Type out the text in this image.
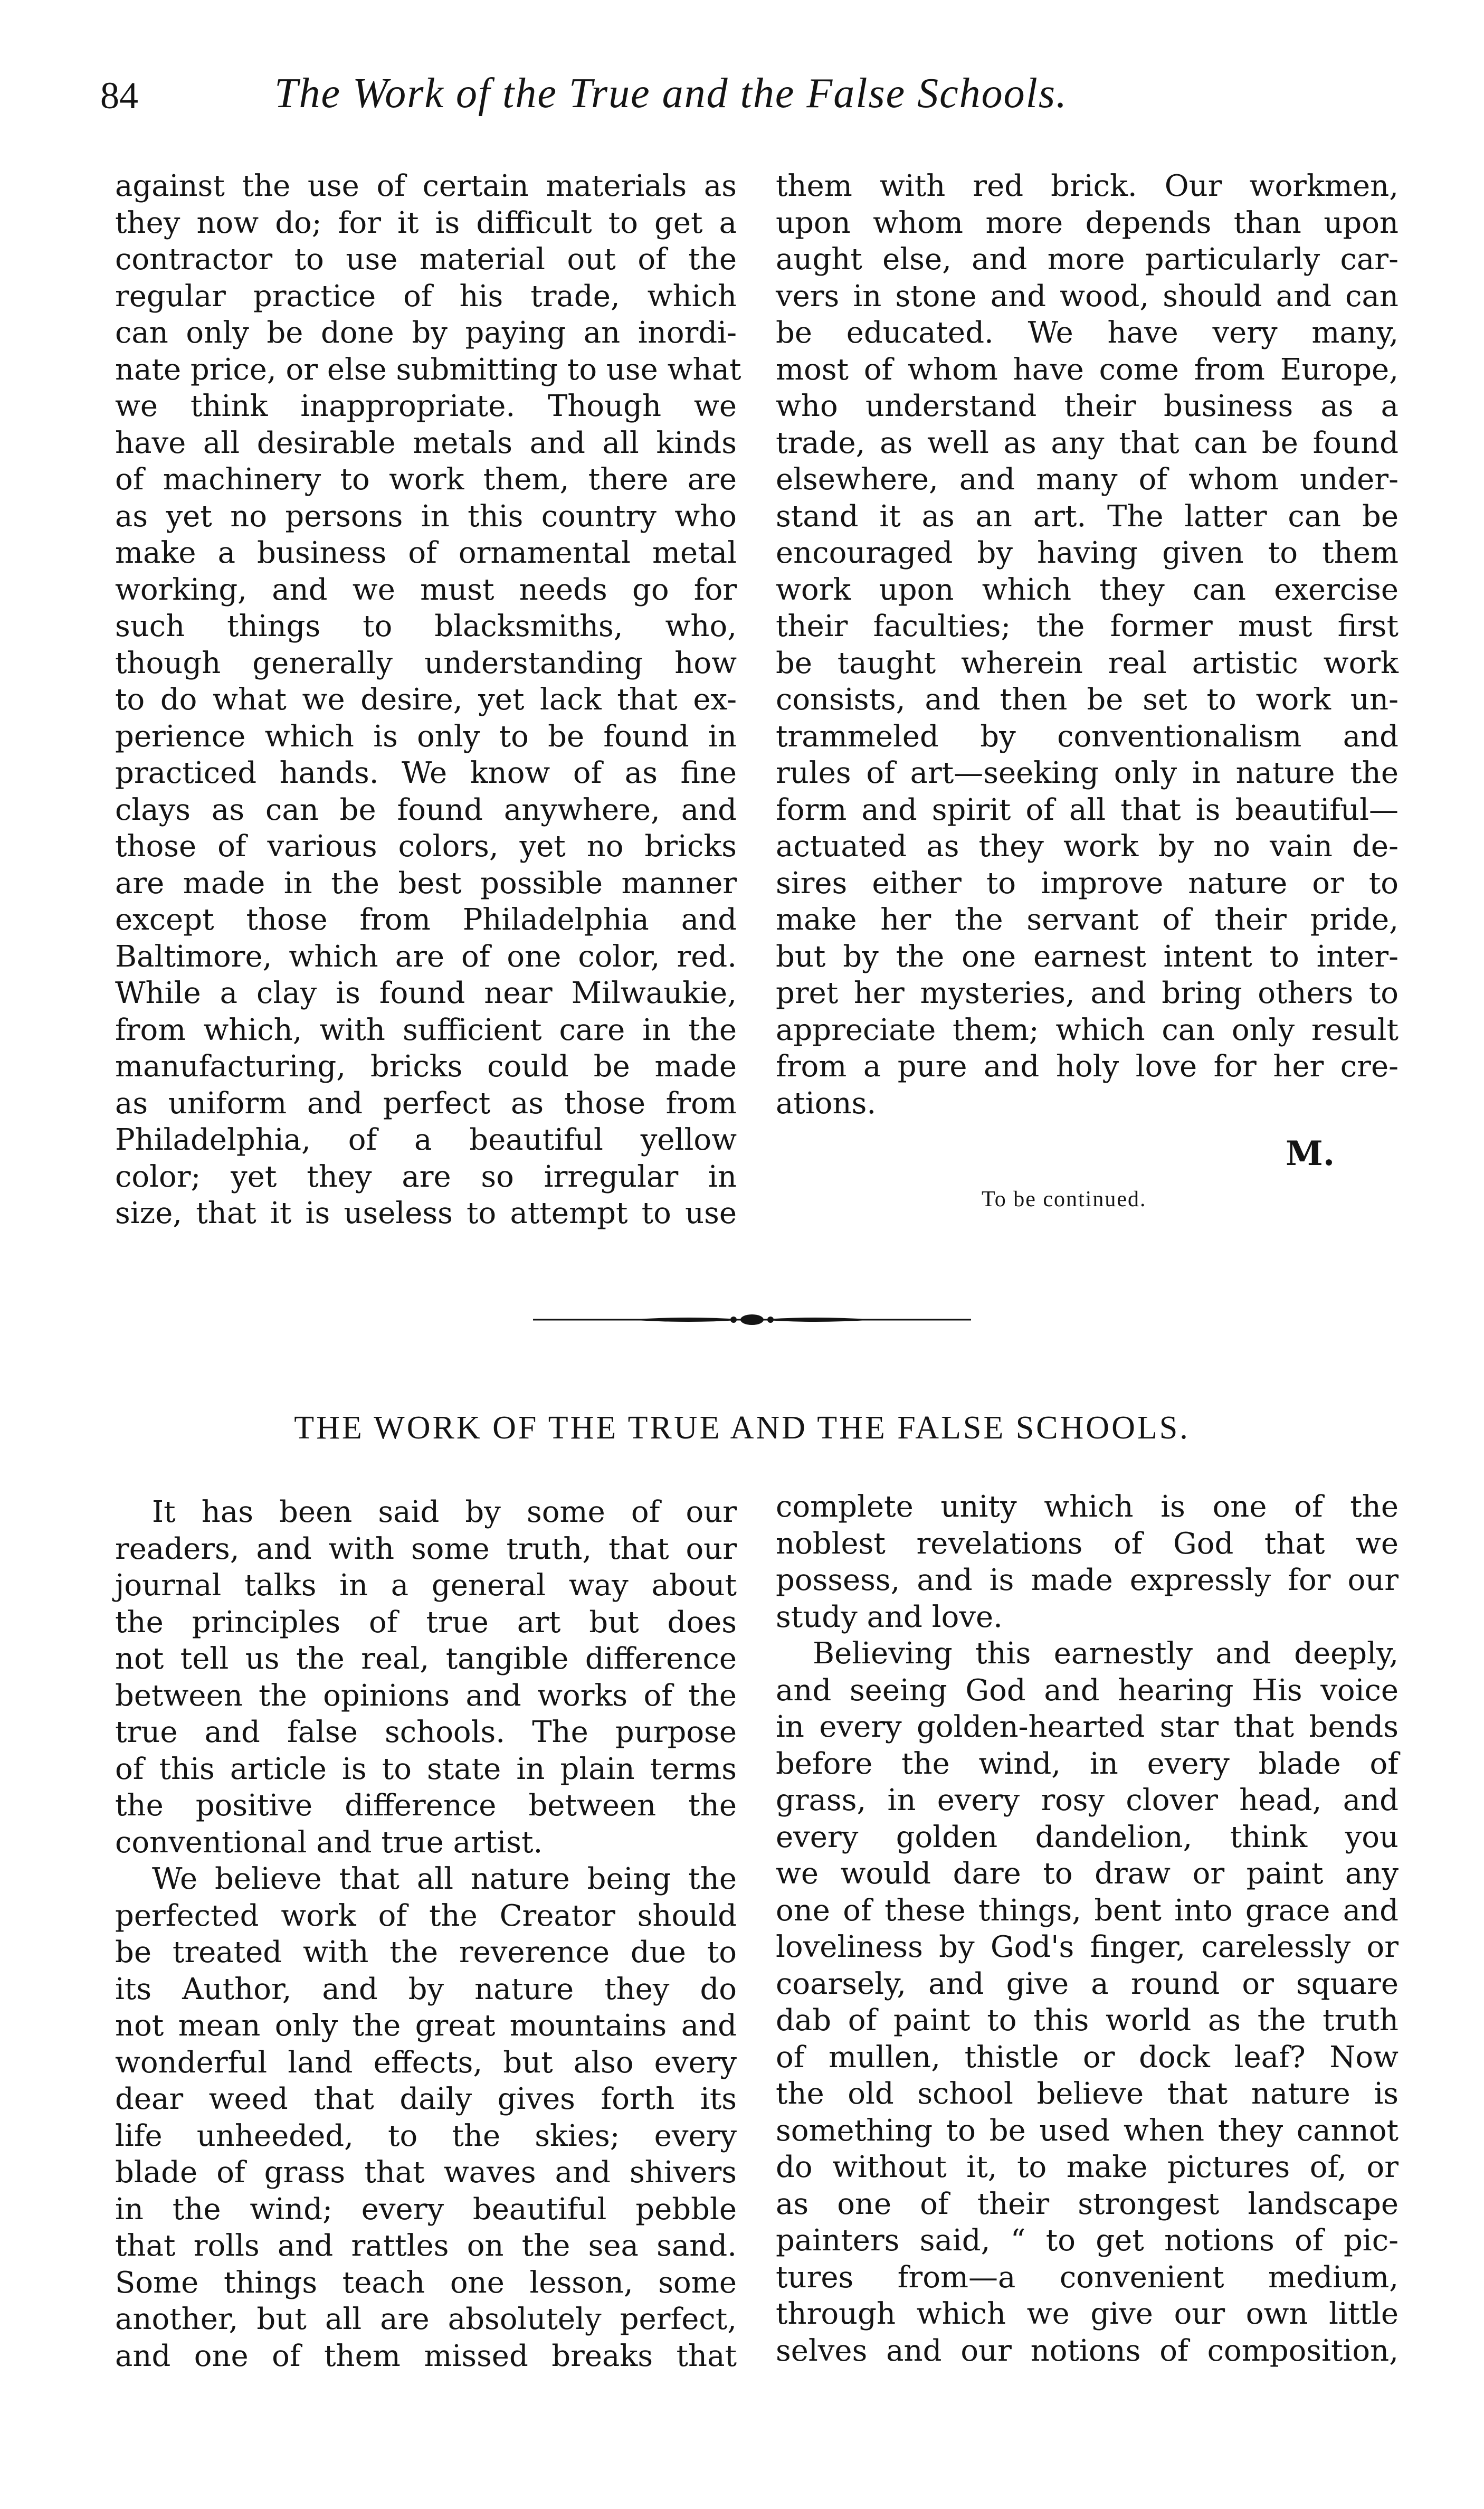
84	The Work of the True and the False Schools.
against the use of certain materials as
they now do; for it is difficult to get a
contractor to use material out of the
regular practice of his trade, which
can only be done by paying an inordi-
nate price, or else submitting to use what
we think inappropriate. Though we
have all desirable metals and all kinds
of machinery to work them, there are
as yet no persons in this country who
make a business of ornamental metal
working, and we must needs go for
such things to blacksmiths, who,
though generally understanding how
to do what we desire, yet lack that ex-
perience which is only to be found in
practiced hands. We know of as fine
clays as can be found anywhere, and
those of various colors, yet no bricks
are made in the best possible manner
except those from Philadelphia and
Baltimore, which are of one color, red.
While a clay is found near Milwaukie,
from which, with sufficient care in the
manufacturing, bricks could be made
as uniform and perfect as those from
Philadelphia, of a beautiful yellow
color; yet they are so irregular in
size, that it is useless to attempt to use
them with red brick. Our workmen,
upon whom more depends than upon
aught else, and more particularly car-
vers in stone and wood, should and can
be educated. We have very many,
most of whom have come from Europe,
who understand their business as a
trade, as well as any that can be found
elsewhere, and many of whom under-
stand it as an art. The latter can be
encouraged by having given to them
work upon which they can exercise
their faculties; the former must first
be taught wherein real artistic work
consists, and then be set to work un-
trammeled by conventionalism and
rules of art—seeking only in nature the
form and spirit of all that is beautiful—
actuated as they work by no vain de-
sires either to improve nature or to
make her the servant of their pride,
but by the one earnest intent to inter-
pret her mysteries, and bring others to
appreciate them; which can only result
from a pure and holy love for her cre-
ations.
M.
To be continued.
THE WORK OF THE TRUE AND THE FALSE SCHOOLS.
It has been said by some of our
readers, and with some truth, that our
journal talks in a general way about
the principles of true art but does
not tell us the real, tangible difference
between the opinions and works of the
true and false schools. The purpose
of this article is to state in plain terms
the positive difference between the
conventional and true artist.
We believe that all nature being the
perfected work of the Creator should
be treated with the reverence due to
its Author, and by nature they do
not mean only the great mountains and
wonderful land effects, but also every
dear weed that daily gives forth its
life unheeded, to the skies; every
blade of grass that waves and shivers
in the wind; every beautiful pebble
that rolls and rattles on the sea sand.
Some things teach one lesson, some
another, but all are absolutely perfect,
and one of them missed breaks that
complete unity which is one of the
noblest revelations of God that we
possess, and is made expressly for our
study and love.
Believing this earnestly and deeply,
and seeing God and hearing His voice
in every golden-hearted star that bends
before the wind, in every blade of
grass, in every rosy clover head, and
every golden dandelion, think you
we would dare to draw or paint any
one of these things, bent into grace and
loveliness by God's finger, carelessly or
coarsely, and give a round or square
dab of paint to this world as the truth
of mullen, thistle or dock leaf? Now
the old school believe that nature is
something to be used when they cannot
do without it, to make pictures of, or
as one of their strongest landscape
painters said, “ to get notions of pic-
tures from—a convenient medium,
through which we give our own little
selves and our notions of composition,
